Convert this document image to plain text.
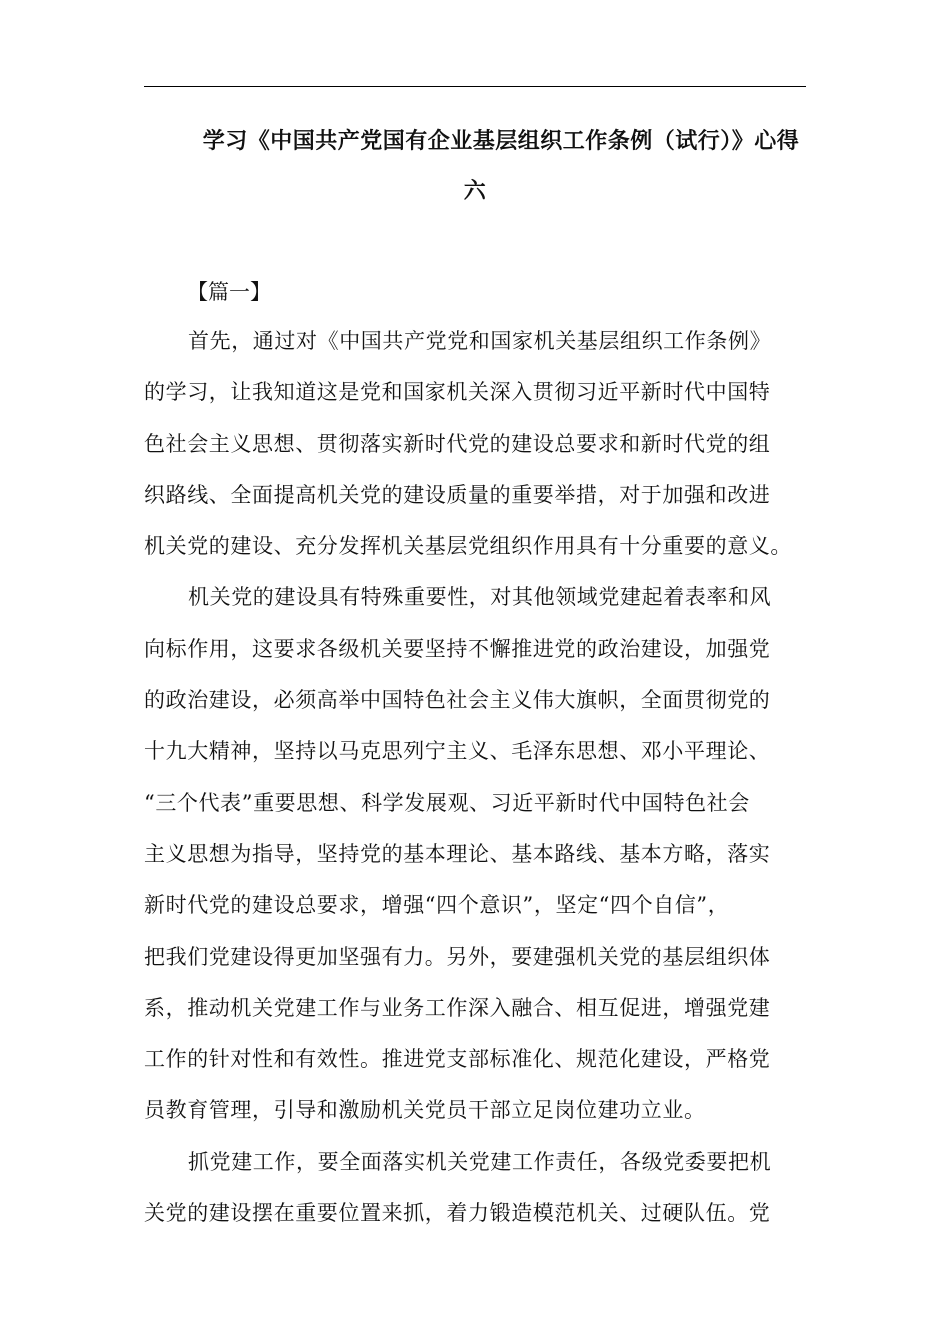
学习《中国共产党国有企业基层组织工作条例（试行）》心得
六
【篇一】
首先，通过对《中国共产党党和国家机关基层组织工作条例》
的学习，让我知道这是党和国家机关深入贯彻习近平新时代中国特
色社会主义思想、贯彻落实新时代党的建设总要求和新时代党的组
织路线、全面提高机关党的建设质量的重要举措，对于加强和改进
机关党的建设、充分发挥机关基层党组织作用具有十分重要的意义。
机关党的建设具有特殊重要性，对其他领域党建起着表率和风
向标作用，这要求各级机关要坚持不懈推进党的政治建设，加强党
的政治建设，必须高举中国特色社会主义伟大旗帜，全面贯彻党的
十九大精神，坚持以马克思列宁主义、毛泽东思想、邓小平理论、
“三个代表”重要思想、科学发展观、习近平新时代中国特色社会
主义思想为指导，坚持党的基本理论、基本路线、基本方略，落实
新时代党的建设总要求，增强“四个意识”，坚定“四个自信”，
把我们党建设得更加坚强有力。另外，要建强机关党的基层组织体
系，推动机关党建工作与业务工作深入融合、相互促进，增强党建
工作的针对性和有效性。推进党支部标准化、规范化建设，严格党
员教育管理，引导和激励机关党员干部立足岗位建功立业。
抓党建工作，要全面落实机关党建工作责任，各级党委要把机
关党的建设摆在重要位置来抓，着力锻造模范机关、过硬队伍。党
